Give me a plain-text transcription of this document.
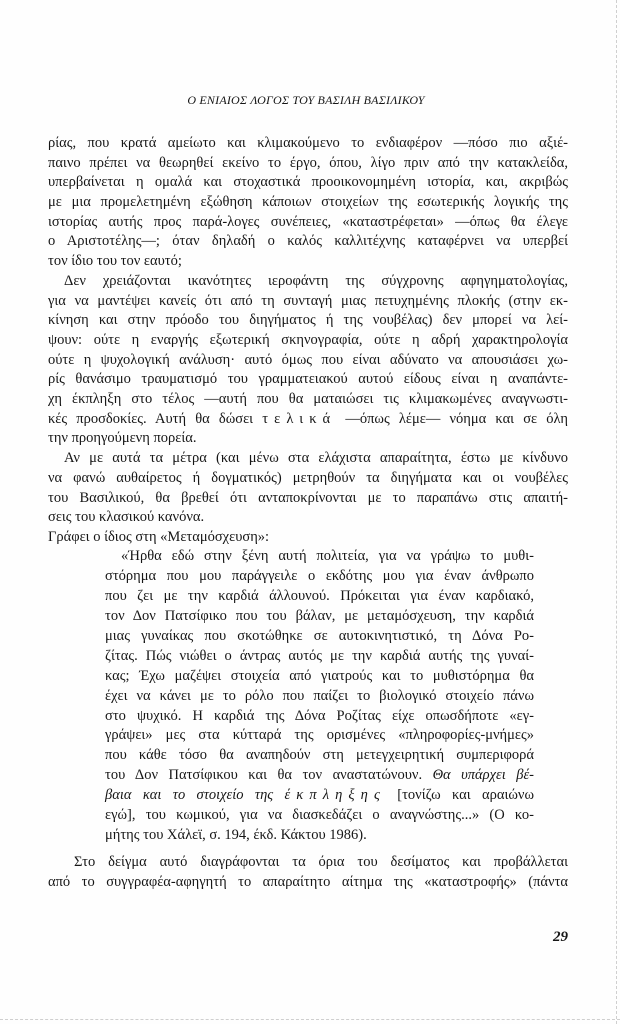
Ο ΕΝΙΑΙΟΣ ΛΟΓΟΣ ΤΟΥ ΒΑΣΙΛΗ ΒΑΣΙΛΙΚΟΥ
ρίας, που κρατά αμείωτο και κλιμακούμενο το ενδιαφέρον —πόσο πιο αξιέ-
παινο πρέπει να θεωρηθεί εκείνο το έργο, όπου, λίγο πριν από την κατακλείδα,
υπερβαίνεται η ομαλά και στοχαστικά προοικονομημένη ιστορία, και, ακριβώς
με μια προμελετημένη εξώθηση κάποιων στοιχείων της εσωτερικής λογικής της
ιστορίας αυτής προς παρά-λογες συνέπειες, «καταστρέφεται» —όπως θα έλεγε
ο Αριστοτέλης—; όταν δηλαδή ο καλός καλλιτέχνης καταφέρνει να υπερβεί
τον ίδιο του τον εαυτό;
Δεν χρειάζονται ικανότητες ιεροφάντη της σύγχρονης αφηγηματολογίας,
για να μαντέψει κανείς ότι από τη συνταγή μιας πετυχημένης πλοκής (στην εκ-
κίνηση και στην πρόοδο του διηγήματος ή της νουβέλας) δεν μπορεί να λεί-
ψουν: ούτε η εναργής εξωτερική σκηνογραφία, ούτε η αδρή χαρακτηρολογία
ούτε η ψυχολογική ανάλυση· αυτό όμως που είναι αδύνατο να απουσιάσει χω-
ρίς θανάσιμο τραυματισμό του γραμματειακού αυτού είδους είναι η αναπάντε-
χη έκπληξη στο τέλος —αυτή που θα ματαιώσει τις κλιμακωμένες αναγνωστι-
κές προσδοκίες. Αυτή θα δώσει τελικά —όπως λέμε— νόημα και σε όλη
την προηγούμενη πορεία.
Αν με αυτά τα μέτρα (και μένω στα ελάχιστα απαραίτητα, έστω με κίνδυνο
να φανώ αυθαίρετος ή δογματικός) μετρηθούν τα διηγήματα και οι νουβέλες
του Βασιλικού, θα βρεθεί ότι ανταποκρίνονται με το παραπάνω στις απαιτή-
σεις του κλασικού κανόνα.
Γράφει ο ίδιος στη «Μεταμόσχευση»:
«Ήρθα εδώ στην ξένη αυτή πολιτεία, για να γράψω το μυθι-
στόρημα που μου παράγγειλε ο εκδότης μου για έναν άνθρωπο
που ζει με την καρδιά άλλουνού. Πρόκειται για έναν καρδιακό,
τον Δον Πατσίφικο που του βάλαν, με μεταμόσχευση, την καρδιά
μιας γυναίκας που σκοτώθηκε σε αυτοκινητιστικό, τη Δόνα Ρο-
ζίτας. Πώς νιώθει ο άντρας αυτός με την καρδιά αυτής της γυναί-
κας; Έχω μαζέψει στοιχεία από γιατρούς και το μυθιστόρημα θα
έχει να κάνει με το ρόλο που παίζει το βιολογικό στοιχείο πάνω
στο ψυχικό. Η καρδιά της Δόνα Ροζίτας είχε οπωσδήποτε «εγ-
γράψει» μες στα κύτταρά της ορισμένες «πληροφορίες-μνήμες»
που κάθε τόσο θα αναπηδούν στη μετεγχειρητική συμπεριφορά
του Δον Πατσίφικου και θα τον αναστατώνουν. Θα υπάρχει βέ-
βαια και το στοιχείο της έκπληξης [τονίζω και αραιώνω
εγώ], του κωμικού, για να διασκεδάζει ο αναγνώστης...» (Ο κο-
μήτης του Χάλεϊ, σ. 194, έκδ. Κάκτου 1986).
Στο δείγμα αυτό διαγράφονται τα όρια του δεσίματος και προβάλλεται
από το συγγραφέα-αφηγητή το απαραίτητο αίτημα της «καταστροφής» (πάντα
29
